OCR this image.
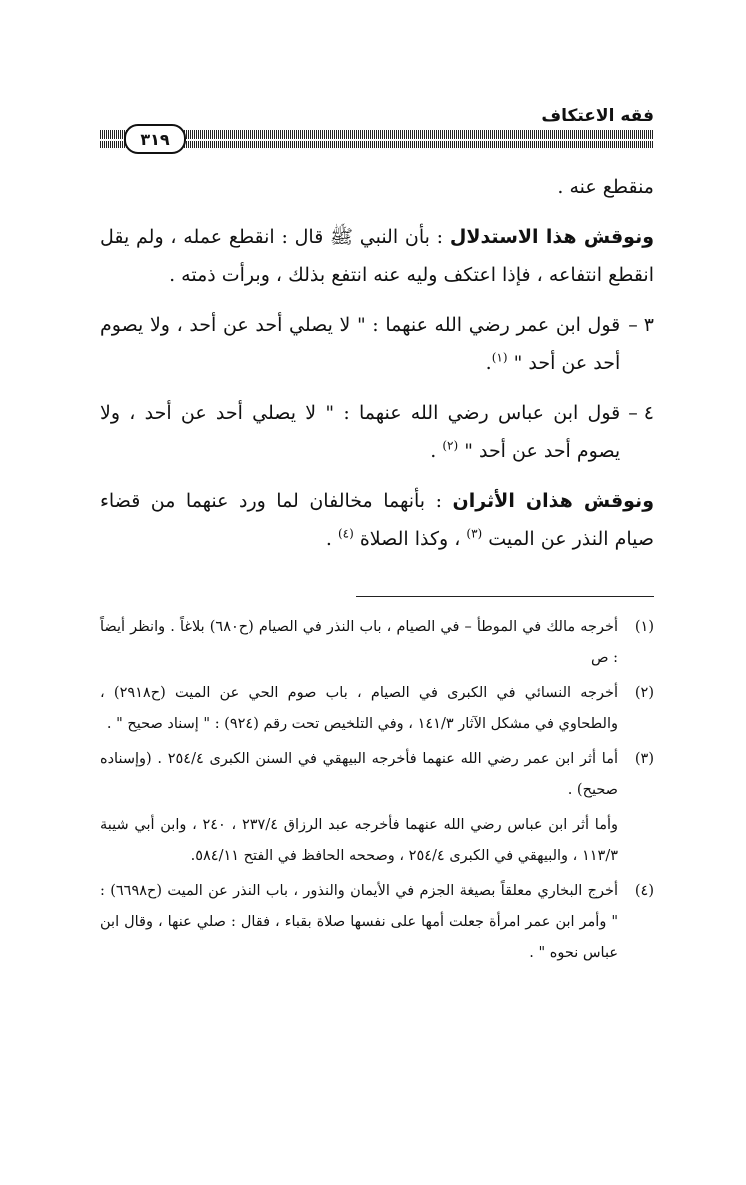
فقه الاعتكاف
٣١٩

منقطع عنه .

ونوقش هذا الاستدلال : بأن النبي ﷺ قال : انقطع عمله ، ولم يقل انقطع انتفاعه ، فإذا اعتكف وليه عنه انتفع بذلك ، وبرأت ذمته .

٣ –
قول ابن عمر رضي الله عنهما : " لا يصلي أحد عن أحد ، ولا يصوم أحد عن أحد " $^{(١)}$.
٤ –
قول ابن عباس رضي الله عنهما : " لا يصلي أحد عن أحد ، ولا يصوم أحد عن أحد " $^{(٢)}$ .

ونوقش هذان الأثران : بأنهما مخالفان لما ورد عنهما من قضاء صيام النذر عن الميت $^{(٣)}$ ، وكذا الصلاة $^{(٤)}$ .

(١)
أخرجه مالك في الموطأ – في الصيام ، باب النذر في الصيام (ح٦٨٠) بلاغاً . وانظر أيضاً : ص
(٢)
أخرجه النسائي في الكبرى في الصيام ، باب صوم الحي عن الميت (ح٢٩١٨) ، والطحاوي في مشكل الآثار ١٤١/٣ ، وفي التلخيص تحت رقم (٩٢٤) : " إسناد صحيح " .
(٣)
أما أثر ابن عمر رضي الله عنهما فأخرجه البيهقي في السنن الكبرى ٢٥٤/٤ . (وإسناده صحيح) .
وأما أثر ابن عباس رضي الله عنهما فأخرجه عبد الرزاق ٢٣٧/٤ ، ٢٤٠ ، وابن أبي شيبة ١١٣/٣ ، والبيهقي في الكبرى ٢٥٤/٤ ، وصححه الحافظ في الفتح ٥٨٤/١١.
(٤)
أخرج البخاري معلقاً بصيغة الجزم في الأيمان والنذور ، باب النذر عن الميت (ح٦٦٩٨) : " وأمر ابن عمر امرأة جعلت أمها على نفسها صلاة بقباء ، فقال : صلي عنها ، وقال ابن عباس نحوه " .
